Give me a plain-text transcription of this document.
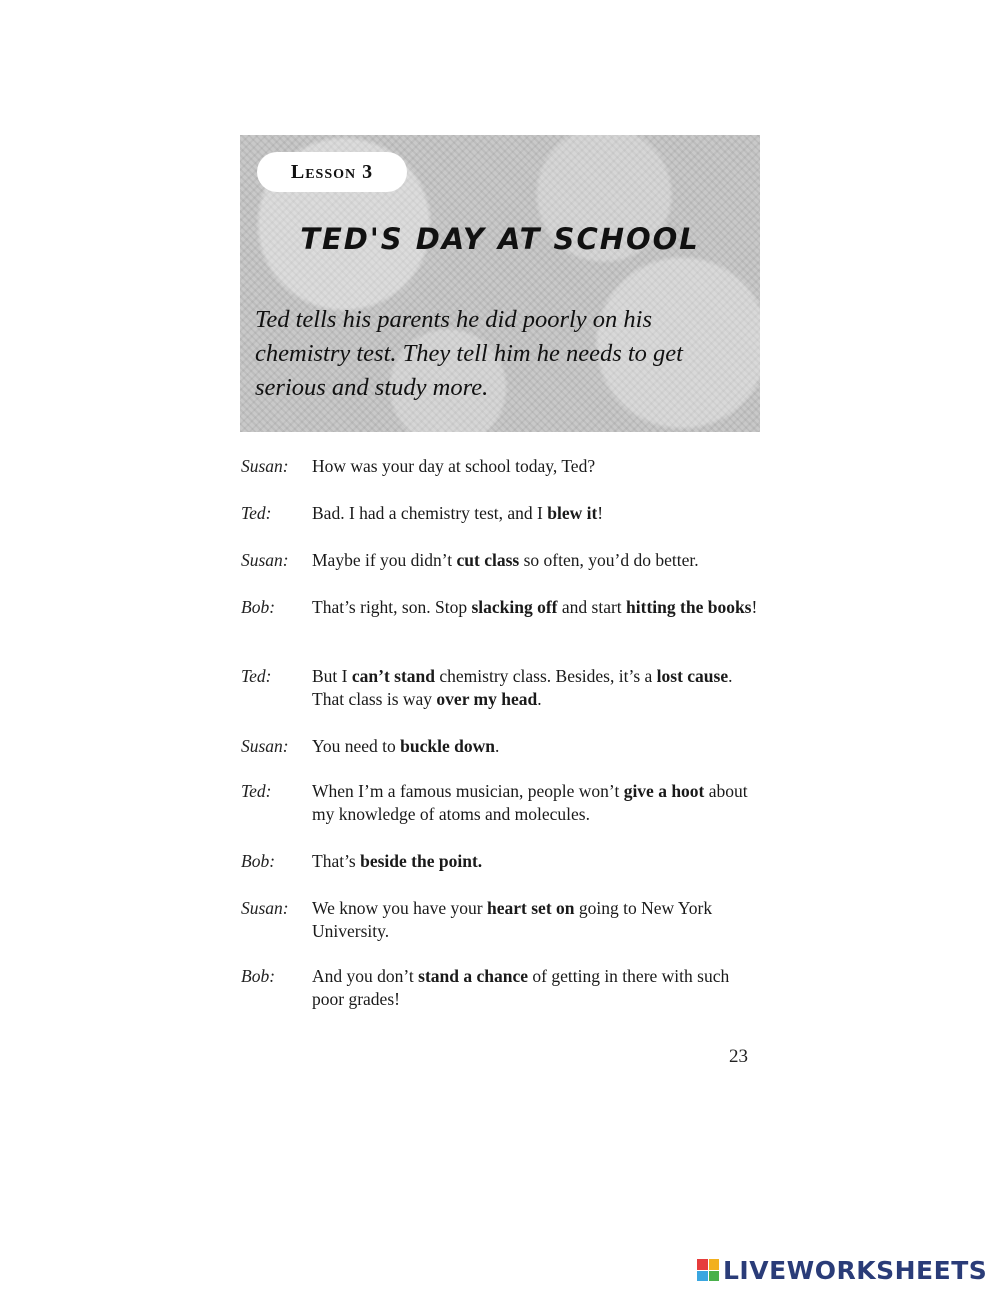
Lesson 3
TED'S DAY AT SCHOOL
Ted tells his parents he did poorly on his chemistry test. They tell him he needs to get serious and study more.
Susan:	How was your day at school today, Ted?
Ted:	Bad. I had a chemistry test, and I blew it!
Susan:	Maybe if you didn’t cut class so often, you’d do better.
Bob:	That’s right, son. Stop slacking off and start hitting the books!
Ted:	But I can’t stand chemistry class. Besides, it’s a lost cause. That class is way over my head.
Susan:	You need to buckle down.
Ted:	When I’m a famous musician, people won’t give a hoot about my knowledge of atoms and molecules.
Bob:	That’s beside the point.
Susan:	We know you have your heart set on going to New York University.
Bob:	And you don’t stand a chance of getting in there with such poor grades!
23
LIVEWORKSHEETS
